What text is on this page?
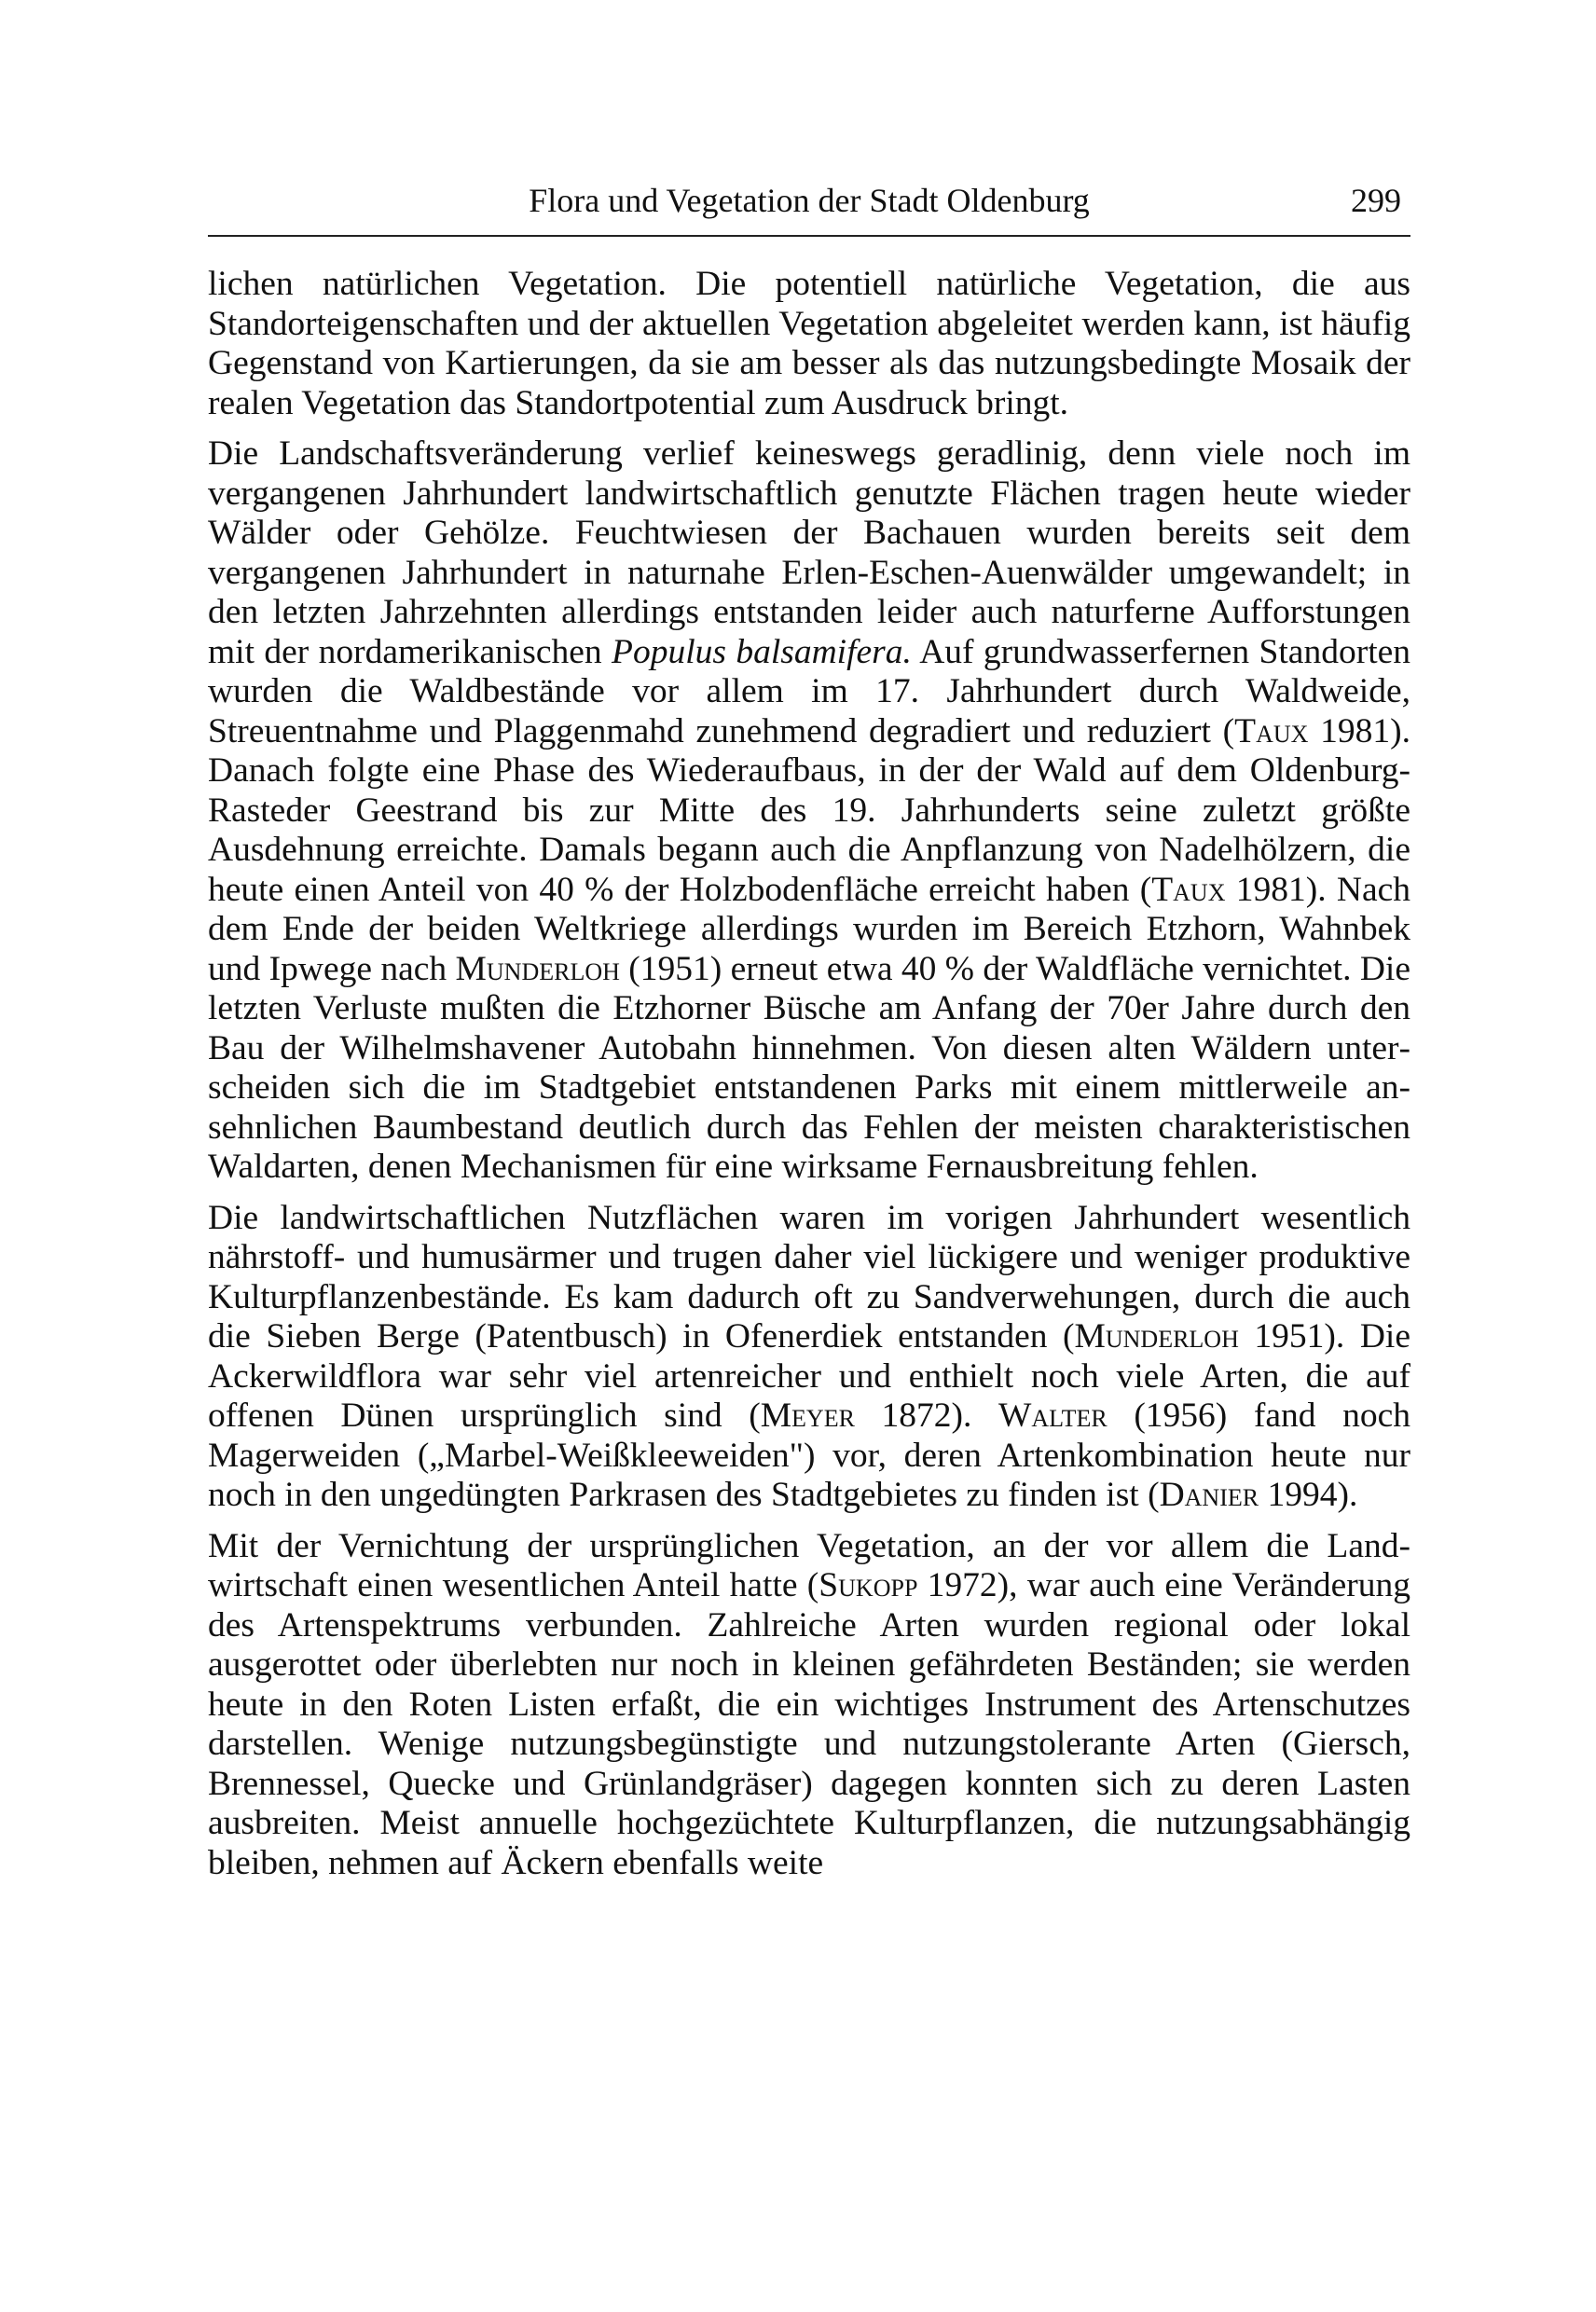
Flora und Vegetation der Stadt Oldenburg	299

lichen natürlichen Vegetation. Die potentiell natürliche Vegetation, die aus Standorteigenschaften und der aktuellen Vegetation abgeleitet werden kann, ist häufig Gegenstand von Kartierungen, da sie am besser als das nutzungsbedingte Mosaik der realen Vegetation das Standortpotential zum Ausdruck bringt.

Die Landschaftsveränderung verlief keineswegs geradlinig, denn viele noch im vergangenen Jahrhundert landwirtschaftlich genutzte Flächen tragen heute wieder Wälder oder Gehölze. Feuchtwiesen der Bachauen wurden bereits seit dem vergangenen Jahrhundert in naturnahe Erlen-Eschen-Auenwälder umgewandelt; in den letzten Jahrzehnten allerdings entstanden leider auch naturferne Aufforstungen mit der nordamerikanischen Populus balsamifera. Auf grundwasserfernen Standorten wurden die Waldbestände vor allem im 17. Jahrhundert durch Waldweide, Streuentnahme und Plaggenmahd zunehmend degradiert und reduziert (Taux 1981). Danach folgte eine Phase des Wiederaufbaus, in der der Wald auf dem Oldenburg-Rasteder Geestrand bis zur Mitte des 19. Jahrhunderts seine zuletzt größte Ausdehnung erreichte. Damals begann auch die Anpflanzung von Nadelhölzern, die heute einen Anteil von 40 % der Holzbodenfläche erreicht haben (Taux 1981). Nach dem Ende der beiden Weltkriege allerdings wurden im Bereich Etzhorn, Wahnbek und Ipwege nach Munderloh (1951) erneut etwa 40 % der Waldfläche vernichtet. Die letzten Verluste mußten die Etzhorner Büsche am Anfang der 70er Jahre durch den Bau der Wilhelmshavener Autobahn hinnehmen. Von diesen alten Wäldern unterscheiden sich die im Stadtgebiet entstandenen Parks mit einem mittlerweile ansehnlichen Baumbestand deutlich durch das Fehlen der meisten charakteristischen Waldarten, denen Mechanismen für eine wirksame Fernausbreitung fehlen.

Die landwirtschaftlichen Nutzflächen waren im vorigen Jahrhundert wesentlich nährstoff- und humusärmer und trugen daher viel lückigere und weniger produktive Kulturpflanzenbestände. Es kam dadurch oft zu Sandverwehungen, durch die auch die Sieben Berge (Patentbusch) in Ofenerdiek entstanden (Munderloh 1951). Die Ackerwildflora war sehr viel artenreicher und enthielt noch viele Arten, die auf offenen Dünen ursprünglich sind (Meyer 1872). Walter (1956) fand noch Magerweiden („Marbel-Weißkleeweiden") vor, deren Artenkombination heute nur noch in den ungedüngten Parkrasen des Stadtgebietes zu finden ist (Danier 1994).

Mit der Vernichtung der ursprünglichen Vegetation, an der vor allem die Landwirtschaft einen wesentlichen Anteil hatte (Sukopp 1972), war auch eine Veränderung des Artenspektrums verbunden. Zahlreiche Arten wurden regional oder lokal ausgerottet oder überlebten nur noch in kleinen gefährdeten Beständen; sie werden heute in den Roten Listen erfaßt, die ein wichtiges Instrument des Artenschutzes darstellen. Wenige nutzungsbegünstigte und nutzungstolerante Arten (Giersch, Brennessel, Quecke und Grünlandgräser) dagegen konnten sich zu deren Lasten ausbreiten. Meist annuelle hochgezüchtete Kulturpflanzen, die nutzungsabhängig bleiben, nehmen auf Äckern ebenfalls weite
